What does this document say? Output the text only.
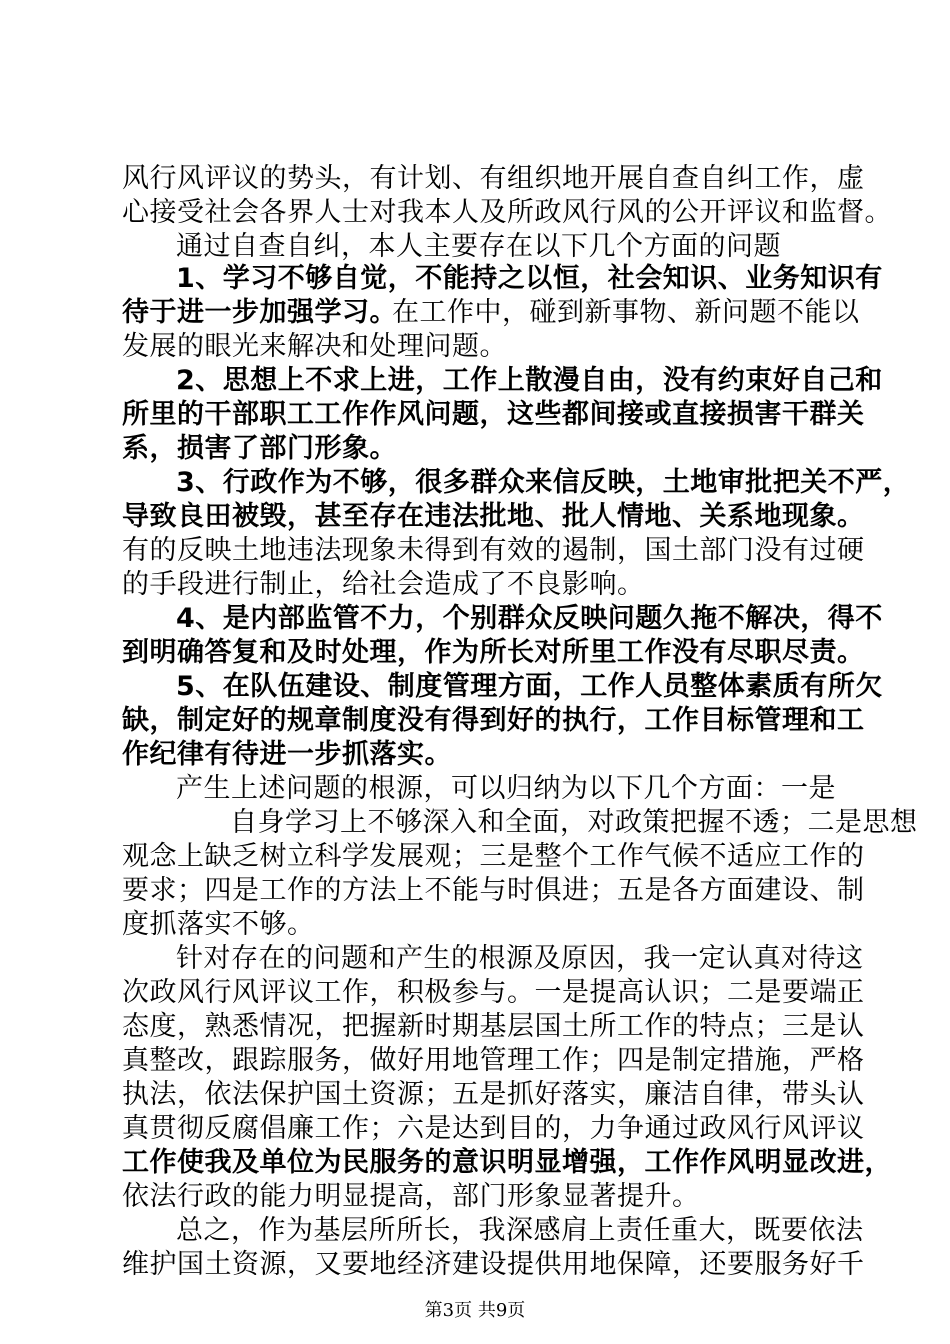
风行风评议的势头，有计划、有组织地开展自查自纠工作，虚
心接受社会各界人士对我本人及所政风行风的公开评议和监督。
通过自查自纠，本人主要存在以下几个方面的问题
1、学习不够自觉，不能持之以恒，社会知识、业务知识有
待于进一步加强学习。
在工作中，碰到新事物、新问题不能以
发展的眼光来解决和处理问题。
2、思想上不求上进，工作上散漫自由，没有约束好自己和
所里的干部职工工作作风问题，这些都间接或直接损害干群关
系，损害了部门形象。
3、行政作为不够，很多群众来信反映，土地审批把关不严，
导致良田被毁，甚至存在违法批地、批人情地、关系地现象。
有的反映土地违法现象未得到有效的遏制，国土部门没有过硬
的手段进行制止，给社会造成了不良影响。
4、是内部监管不力，个别群众反映问题久拖不解决，得不
到明确答复和及时处理，作为所长对所里工作没有尽职尽责。
5、在队伍建设、制度管理方面，工作人员整体素质有所欠
缺，制定好的规章制度没有得到好的执行，工作目标管理和工
作纪律有待进一步抓落实。
产生上述问题的根源，可以归纳为以下几个方面：一是
自身学习上不够深入和全面，对政策把握不透；二是思想
观念上缺乏树立科学发展观；三是整个工作气候不适应工作的
要求；四是工作的方法上不能与时俱进；五是各方面建设、制
度抓落实不够。
针对存在的问题和产生的根源及原因，我一定认真对待这
次政风行风评议工作，积极参与。一是提高认识；二是要端正
态度，熟悉情况，把握新时期基层国土所工作的特点；三是认
真整改，跟踪服务，做好用地管理工作；四是制定措施，严格
执法，依法保护国土资源；五是抓好落实，廉洁自律，带头认
真贯彻反腐倡廉工作；六是达到目的，力争通过政风行风评议
工作使我及单位为民服务的意识明显增强，工作作风明显改进，
依法行政的能力明显提高，部门形象显著提升。
总之，作为基层所所长，我深感肩上责任重大，既要依法
维护国土资源，又要地经济建设提供用地保障，还要服务好千
第3页 共9页
